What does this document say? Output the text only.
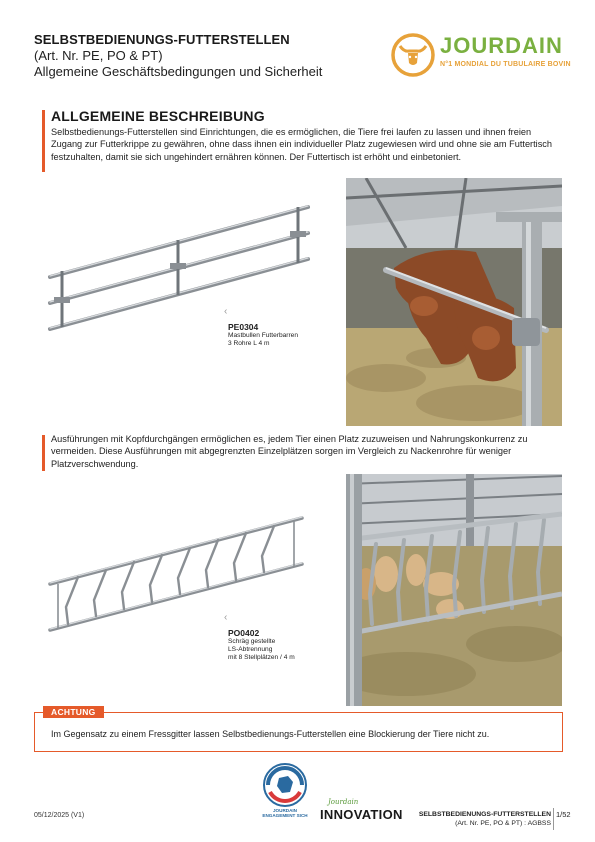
SELBSTBEDIENUNGS-FUTTERSTELLEN
(Art. Nr. PE, PO & PT)
Allgemeine Geschäftsbedingungen und Sicherheit
JOURDAIN
N°1 MONDIAL DU TUBULAIRE BOVIN
ALLGEMEINE BESCHREIBUNG
Selbstbedienungs-Futterstellen sind Einrichtungen, die es ermöglichen, die Tiere frei laufen zu lassen und ihnen freien Zugang zur Futterkrippe zu gewähren, ohne dass ihnen ein individueller Platz zugewiesen wird und ohne sie am Futtertisch festzuhalten, damit sie sich ungehindert ernähren können. Der Futtertisch ist erhöht und einbetoniert.
‹
PE0304
Mastbullen Futterbarren
3 Rohre L 4 m
Ausführungen mit Kopfdurchgängen ermöglichen es, jedem Tier einen Platz zuzuweisen und Nahrungskonkurrenz zu vermeiden. Diese Ausführungen mit abgegrenzten Einzelplätzen sorgen im Vergleich zu Nackenrohre für weniger Platzverschwendung.
‹
PO0402
Schräg gestellte
LS-Abtrennung
mit 8 Stellplätzen / 4 m
ACHTUNG
Im Gegensatz zu einem Fressgitter lassen Selbstbedienungs-Futterstellen eine Blockierung der Tiere nicht zu.
05/12/2025 (V1)
JOURDAIN
ENGAGEMENT SICH
Jourdain
INNOVATION SELBSTBEDIENUNGS-FUTTERSTELLEN
(Art. Nr. PE, PO & PT) : AGBSS
1/52
